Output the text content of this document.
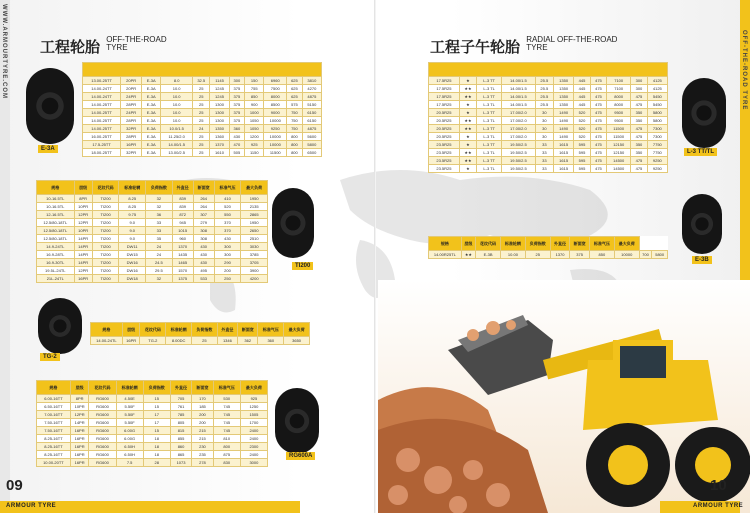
WWW.ARMOURTYRE.COM 工程轮胎 OFF-THE-ROAD
TYRE
E-3A

13.00-25TT	20PR	E-3A	8.0	32.5	1145	300	150	6960	625	3810
14.00-24TT	20PR	E-3A	10.0	25	1245	375	755	7500	625	4270
14.00-24TT	24PR	E-3A	10.0	25	1245	375	850	8000	625	4875
14.00-25TT	28PR	E-3A	10.0	25	1300	375	900	8500	575	5150
14.00-25TT	24PR	E-3A	10.0	25	1300	375	1000	9000	750	6150
14.00-25TT	28PR	E-3A	10.0	25	1300	375	1050	10000	750	6150
14.00-25TT	32PR	E-3A	10.0/1.5	24	1350	360	1050	9250	750	4875
16.00-25TT	28PR	E-3A	11.25/2.0	25	1360	430	1200	10000	800	5600
17.5-25TT	16PR	E-3A	14.00/1.5	25	1370	470	925	10000	800	5800
18.00-25TT	32PR	E-3A	13.00/2.5	25	1610	505	1150	11500	800	6500
规格	层级	花纹代码	标准轮辋	负荷指数	外直径	断面宽	标准气压	最大负荷
10-16.5TL	8PR	TI200	8.25	32	839	264	410	1950
10-16.5TL	10PR	TI200	8.25	32	839	264	520	2135
12-16.5TL	12PR	TI200	9.75	36	872	307	550	2865
12.5/80-18TL	12PR	TI200	9.0	33	945	279	370	1950
12.5/80-18TL	10PR	TI200	9.0	33	1015	308	370	2650
12.5/80-18TL	14PR	TI200	9.0	35	960	308	430	2510
14.9-24TL	14PR	TI200	DW11	24	1370	430	300	3030
16.9-28TL	14PR	TI200	DW15	24	1435	430	300	3785
16.9-30TL	14PR	TI200	DW16	24.5	1465	430	290	3705
19.5L-24TL	12PR	TI200	DW16	29.5	1570	495	200	3900
21L-24TL	16PR	TI200	DW18	32	1375	533	250	4200
TI200
TG-2
规格	层级	花纹代码	标准轮辋	负荷指数	外直径	断面宽	标准气压	最大负荷
14.00-24TL	16PR	TG-2	8.00DC	25	1346	362	360	3650
规格	层级	花纹代码	标准轮辋	负荷指数	外直径	断面宽	标准气压	最大负荷
6.00-16TT	8PR	RG600	4.50E	15	705	170	530	925
6.50-16TT	10PR	RG600	5.50F	15	761	185	745	1250
7.00-16TT	12PR	RG600	5.50F	17	785	200	745	1505
7.50-16TT	14PR	RG600	5.50F	17	805	200	745	1700
7.50-16TT	16PR	RG600	6.00G	15	815	215	745	2400
8.25-16TT	16PR	RG600	6.00G	18	855	215	810	2400
8.25-16TT	16PR	RG600	6.50H	18	860	230	800	2300
8.25-16TT	16PR	RG600	6.50H	18	865	235	875	2400
10.00-20TT	16PR	RG600	7.5	28	1073	278	830	3000
RG600A
09
ARMOUR TYRE
OFF-THE-ROAD TYRE
工程子午轮胎 RADIAL OFF-THE-ROAD
TYRE

17.5R25	★	L-3 TT	14.00/1.5	25.5	1350	445	475	7100	300	4125
17.5R25	★★	L-3 TL	14.00/1.5	25.5	1350	445	475	7100	300	4125
17.5R25	★★	L-3 TT	14.00/1.5	25.5	1350	445	475	8000	475	5450
17.5R25	★	L-3 TL	14.00/1.5	25.5	1350	445	475	8000	475	5450
20.5R25	★	L-3 TT	17.00/2.0	30	1490	520	475	9500	350	5800
20.5R25	★★	L-3 TL	17.00/2.0	30	1490	520	475	9500	350	5800
20.5R25	★★	L-3 TT	17.00/2.0	30	1490	520	475	11500	475	7300
20.5R25	★	L-3 TL	17.00/2.0	30	1490	520	475	11500	475	7300
23.5R25	★	L-3 TT	19.50/2.5	33	1615	595	475	12150	350	7750
23.5R25	★★	L-3 TL	19.50/2.5	33	1615	595	475	12150	350	7750
23.5R25	★★	L-3 TT	19.50/2.5	33	1615	595	475	14500	475	9250
23.5R25	★	L-3 TL	19.50/2.5	33	1615	595	475	14500	475	9250
L-3 TT/TL
规格	层级	花纹代码	标准轮辋	负荷指数	外直径	断面宽	标准气压	最大负荷		
14.00R25TL	★★	E-3B	10.00	25	1370	375	850	10000	700	5800
E-3B
10
ARMOUR TYRE
